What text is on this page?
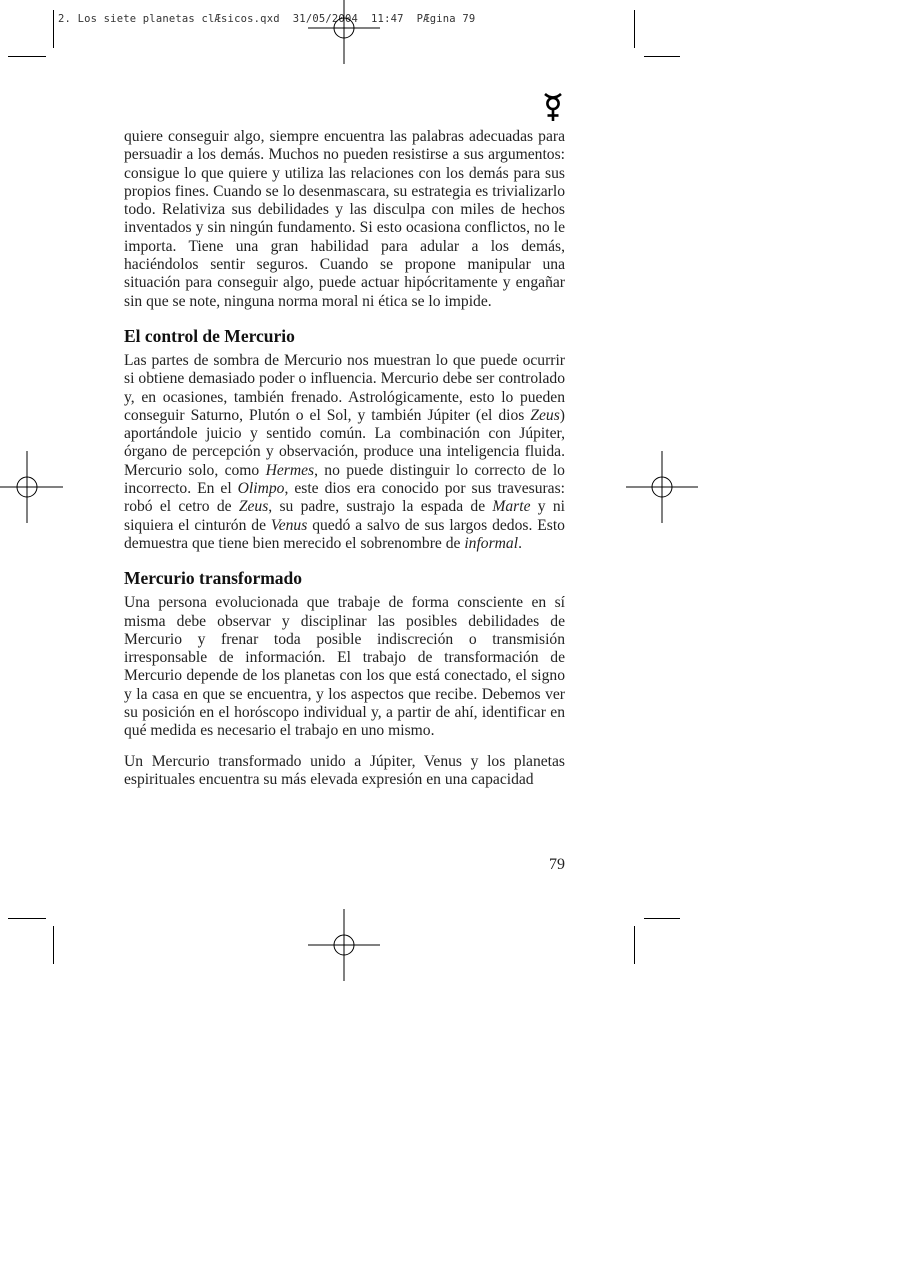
2. Los siete planetas clÆsicos.qxd  31/05/2004  11:47  PÆgina 79

quiere conseguir algo, siempre encuentra las palabras adecuadas para persuadir a los demás. Muchos no pueden resistirse a sus argumentos: consigue lo que quiere y utiliza las relaciones con los demás para sus propios fines. Cuando se lo desenmascara, su estrategia es trivializarlo todo. Relativiza sus debilidades y las disculpa con miles de hechos inventados y sin ningún fundamento. Si esto ocasiona conflictos, no le importa. Tiene una gran habilidad para adular a los demás, haciéndolos sentir seguros. Cuando se propone manipular una situación para conseguir algo, puede actuar hipócritamente y engañar sin que se note, ninguna norma moral ni ética se lo impide.

El control de Mercurio

Las partes de sombra de Mercurio nos muestran lo que puede ocurrir si obtiene demasiado poder o influencia. Mercurio debe ser controlado y, en ocasiones, también frenado. Astrológicamente, esto lo pueden conseguir Saturno, Plutón o el Sol, y también Júpiter (el dios Zeus) aportándole juicio y sentido común. La combinación con Júpiter, órgano de percepción y observación, produce una inteligencia fluida. Mercurio solo, como Hermes, no puede distinguir lo correcto de lo incorrecto. En el Olimpo, este dios era conocido por sus travesuras: robó el cetro de Zeus, su padre, sustrajo la espada de Marte y ni siquiera el cinturón de Venus quedó a salvo de sus largos dedos. Esto demuestra que tiene bien merecido el sobrenombre de informal.

Mercurio transformado

Una persona evolucionada que trabaje de forma consciente en sí misma debe observar y disciplinar las posibles debilidades de Mercurio y frenar toda posible indiscreción o transmisión irresponsable de información. El trabajo de transformación de Mercurio depende de los planetas con los que está conectado, el signo y la casa en que se encuentra, y los aspectos que recibe. Debemos ver su posición en el horóscopo individual y, a partir de ahí, identificar en qué medida es necesario el trabajo en uno mismo.

Un Mercurio transformado unido a Júpiter, Venus y los planetas espirituales encuentra su más elevada expresión en una capacidad

79
